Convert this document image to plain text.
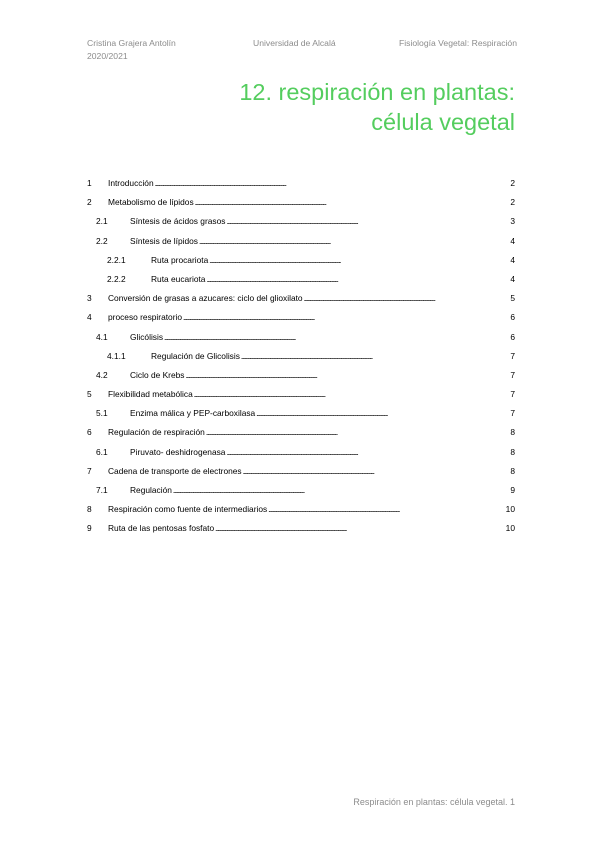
Cristina Grajera Antolín	Universidad de Alcalá	Fisiología Vegetal: Respiración
2020/2021
12. respiración en plantas:
célula vegetal
1 Introducción . . .	2
2 Metabolismo de lípidos . . .	2
2.1	Síntesis de ácidos grasos . . .	3
2.2	Síntesis de lípidos . . .	4
2.2.1	Ruta procariota . . .	4
2.2.2	Ruta eucariota . . .	4
3 Conversión de grasas a azucares: ciclo del glioxilato . . .	5
4 proceso respiratorio . . .	6
4.1	Glicólisis . . .	6
4.1.1	Regulación de Glicolisis . . .	7
4.2	Ciclo de Krebs . . .	7
5 Flexibilidad metabólica . . .	7
5.1	Enzima málica y PEP-carboxilasa . . .	7
6 Regulación de respiración . . .	8
6.1	Piruvato- deshidrogenasa . . .	8
7 Cadena de transporte de electrones . . .	8
7.1	Regulación . . .	9
8 Respiración como fuente de intermediarios . . .	10
9 Ruta de las pentosas fosfato . . .	10
Respiración en plantas: célula vegetal. 1
